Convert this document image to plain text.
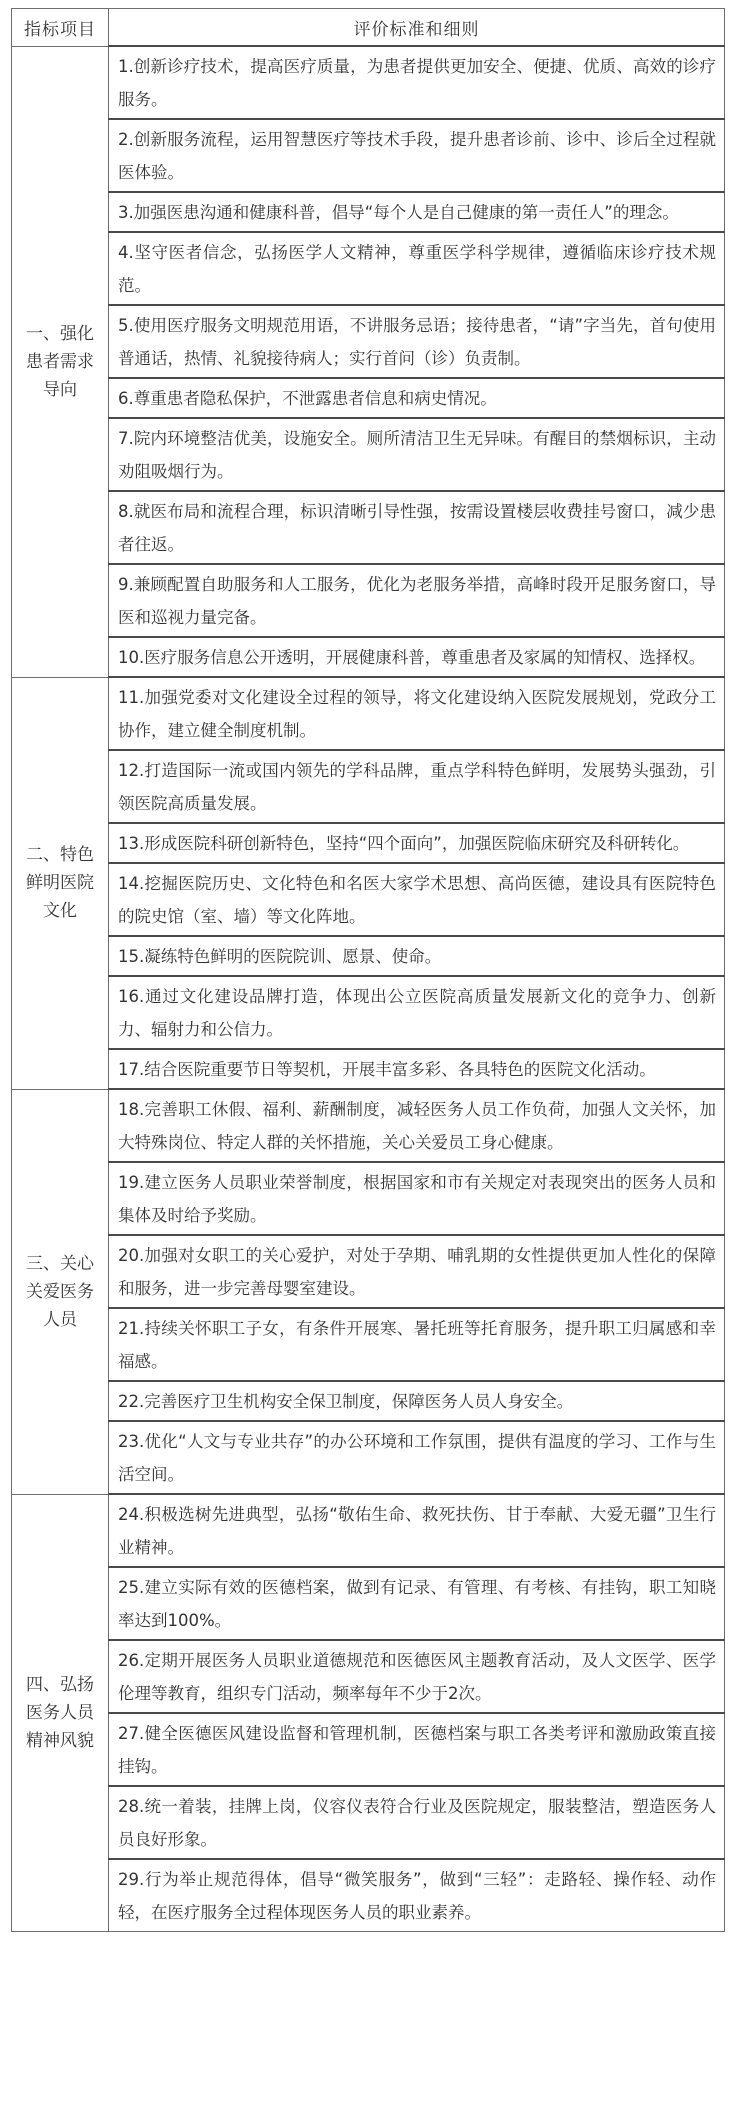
指标项目	评价标准和细则
一、强化患者需求导向	1.创新诊疗技术，提高医疗质量，为患者提供更加安全、便捷、优质、高效的诊疗服务。
	2.创新服务流程，运用智慧医疗等技术手段，提升患者诊前、诊中、诊后全过程就医体验。
	3.加强医患沟通和健康科普，倡导“每个人是自己健康的第一责任人”的理念。
	4.坚守医者信念，弘扬医学人文精神，尊重医学科学规律，遵循临床诊疗技术规范。
	5.使用医疗服务文明规范用语，不讲服务忌语；接待患者，“请”字当先，首句使用普通话，热情、礼貌接待病人；实行首问（诊）负责制。
	6.尊重患者隐私保护，不泄露患者信息和病史情况。
	7.院内环境整洁优美，设施安全。厕所清洁卫生无异味。有醒目的禁烟标识，主动劝阻吸烟行为。
	8.就医布局和流程合理，标识清晰引导性强，按需设置楼层收费挂号窗口，减少患者往返。
	9.兼顾配置自助服务和人工服务，优化为老服务举措，高峰时段开足服务窗口，导医和巡视力量完备。
	10.医疗服务信息公开透明，开展健康科普，尊重患者及家属的知情权、选择权。
二、特色鲜明医院文化	11.加强党委对文化建设全过程的领导，将文化建设纳入医院发展规划，党政分工协作，建立健全制度机制。
	12.打造国际一流或国内领先的学科品牌，重点学科特色鲜明，发展势头强劲，引领医院高质量发展。
	13.形成医院科研创新特色，坚持“四个面向”，加强医院临床研究及科研转化。
	14.挖掘医院历史、文化特色和名医大家学术思想、高尚医德，建设具有医院特色的院史馆（室、墙）等文化阵地。
	15.凝练特色鲜明的医院院训、愿景、使命。
	16.通过文化建设品牌打造，体现出公立医院高质量发展新文化的竞争力、创新力、辐射力和公信力。
	17.结合医院重要节日等契机，开展丰富多彩、各具特色的医院文化活动。
三、关心关爱医务人员	18.完善职工休假、福利、薪酬制度，减轻医务人员工作负荷，加强人文关怀，加大特殊岗位、特定人群的关怀措施，关心关爱员工身心健康。
	19.建立医务人员职业荣誉制度，根据国家和市有关规定对表现突出的医务人员和集体及时给予奖励。
	20.加强对女职工的关心爱护，对处于孕期、哺乳期的女性提供更加人性化的保障和服务，进一步完善母婴室建设。
	21.持续关怀职工子女，有条件开展寒、暑托班等托育服务，提升职工归属感和幸福感。
	22.完善医疗卫生机构安全保卫制度，保障医务人员人身安全。
	23.优化“人文与专业共存”的办公环境和工作氛围，提供有温度的学习、工作与生活空间。
四、弘扬医务人员精神风貌	24.积极选树先进典型，弘扬“敬佑生命、救死扶伤、甘于奉献、大爱无疆”卫生行业精神。
	25.建立实际有效的医德档案，做到有记录、有管理、有考核、有挂钩，职工知晓率达到100%。
	26.定期开展医务人员职业道德规范和医德医风主题教育活动，及人文医学、医学伦理等教育，组织专门活动，频率每年不少于2次。
	27.健全医德医风建设监督和管理机制，医德档案与职工各类考评和激励政策直接挂钩。
	28.统一着装，挂牌上岗，仪容仪表符合行业及医院规定，服装整洁，塑造医务人员良好形象。
	29.行为举止规范得体，倡导“微笑服务”，做到“三轻”：走路轻、操作轻、动作轻，在医疗服务全过程体现医务人员的职业素养。
